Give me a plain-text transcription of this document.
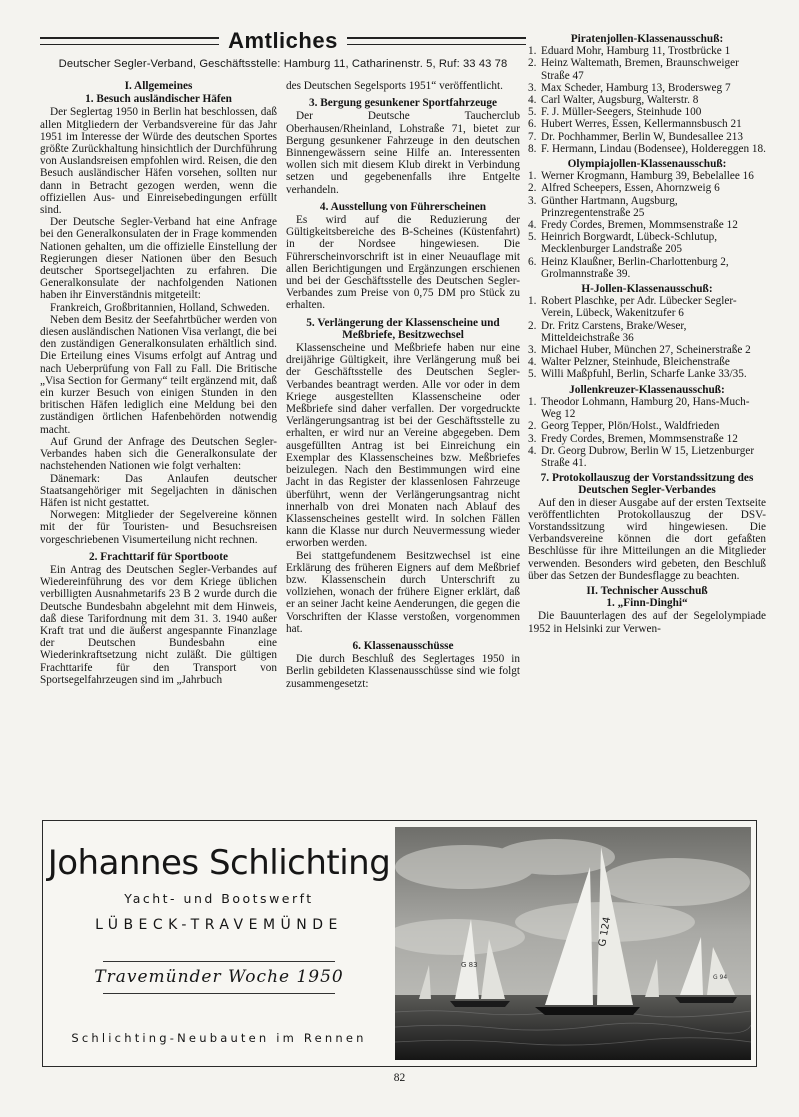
Amtliches
Deutscher Segler-Verband, Geschäftsstelle: Hamburg 11, Catharinenstr. 5, Ruf: 33 43 78
I. Allgemeines
1. Besuch ausländischer Häfen

Der Seglertag 1950 in Berlin hat beschlossen, daß allen Mitgliedern der Verbandsvereine für das Jahr 1951 im Interesse der Würde des deutschen Sportes größte Zurückhaltung hinsichtlich der Durchführung von Auslandsreisen empfohlen wird. Reisen, die den Besuch ausländischer Häfen vorsehen, sollten nur dann in Betracht gezogen werden, wenn die offiziellen Aus- und Einreisebedingungen erfüllt sind.

Der Deutsche Segler-Verband hat eine Anfrage bei den Generalkonsulaten der in Frage kommenden Nationen gehalten, um die offizielle Einstellung der Regierungen dieser Nationen über den Besuch deutscher Sportsegeljachten zu erfahren. Die Generalkonsulate der nachfolgenden Nationen haben ihr Einverständnis mitgeteilt:

Frankreich, Großbritannien, Holland, Schweden.

Neben dem Besitz der Seefahrtbücher werden von diesen ausländischen Nationen Visa verlangt, die bei den zuständigen Generalkonsulaten erhältlich sind. Die Erteilung eines Visums erfolgt auf Antrag und nach Ueberprüfung von Fall zu Fall. Die Britische „Visa Section for Germany“ teilt ergänzend mit, daß ein kurzer Besuch von einigen Stunden in den britischen Häfen lediglich eine Meldung bei den zuständigen örtlichen Hafenbehörden notwendig macht.

Auf Grund der Anfrage des Deutschen Segler-Verbandes haben sich die Generalkonsulate der nachstehenden Nationen wie folgt verhalten:

Dänemark: Das Anlaufen deutscher Staatsangehöriger mit Segeljachten in dänischen Häfen ist nicht gestattet.

Norwegen: Mitglieder der Segelvereine können mit der für Touristen- und Besuchsreisen vorgeschriebenen Visumerteilung nicht rechnen.

2. Frachttarif für Sportboote

Ein Antrag des Deutschen Segler-Verbandes auf Wiedereinführung des vor dem Kriege üblichen verbilligten Ausnahmetarifs 23 B 2 wurde durch die Deutsche Bundesbahn abgelehnt mit dem Hinweis, daß diese Tarifordnung mit dem 31. 3. 1940 außer Kraft trat und die äußerst angespannte Finanzlage der Deutschen Bundesbahn eine Wiederinkraftsetzung nicht zuläßt. Die gültigen Frachttarife für den Transport von Sportsegelfahrzeugen sind im „Jahrbuch

des Deutschen Segelsports 1951“ veröffentlicht.

3. Bergung gesunkener Sportfahrzeuge

Der Deutsche Taucherclub Oberhausen/Rheinland, Lohstraße 71, bietet zur Bergung gesunkener Fahrzeuge in den deutschen Binnengewässern seine Hilfe an. Interessenten wollen sich mit diesem Klub direkt in Verbindung setzen und gegebenenfalls ihre Entgelte verhandeln.

4. Ausstellung von Führerscheinen

Es wird auf die Reduzierung der Gültigkeitsbereiche des B-Scheines (Küstenfahrt) in der Nordsee hingewiesen. Die Führerscheinvorschrift ist in einer Neuauflage mit allen Berichtigungen und Ergänzungen erschienen und bei der Geschäftsstelle des Deutschen Segler-Verbandes zum Preise von 0,75 DM pro Stück zu erhalten.

5. Verlängerung der Klassenscheine und Meßbriefe, Besitzwechsel

Klassenscheine und Meßbriefe haben nur eine dreijährige Gültigkeit, ihre Verlängerung muß bei der Geschäftsstelle des Deutschen Segler-Verbandes beantragt werden. Alle vor oder in dem Kriege ausgestellten Klassenscheine oder Meßbriefe sind daher verfallen. Der vorgedruckte Verlängerungsantrag ist bei der Geschäftsstelle zu erhalten, er wird nur an Vereine abgegeben. Dem ausgefüllten Antrag ist bei Einreichung ein Exemplar des Klassenscheines bzw. Meßbriefes beizulegen. Nach den Bestimmungen wird eine Jacht in das Register der klassenlosen Fahrzeuge überführt, wenn der Verlängerungsantrag nicht innerhalb von drei Monaten nach Ablauf des Klassenscheines gestellt wird. In solchen Fällen kann die Klasse nur durch Neuvermessung wieder erworben werden.

Bei stattgefundenem Besitzwechsel ist eine Erklärung des früheren Eigners auf dem Meßbrief bzw. Klassenschein durch Unterschrift zu vollziehen, wonach der frühere Eigner erklärt, daß er an seiner Jacht keine Aenderungen, die gegen die Vorschriften der Klasse verstoßen, vorgenommen hat.

6. Klassenausschüsse

Die durch Beschluß des Seglertages 1950 in Berlin gebildeten Klassenausschüsse sind wie folgt zusammengesetzt:

Piratenjollen-Klassenausschuß:
1. Eduard Mohr, Hamburg 11, Trostbrücke 1
2. Heinz Waltemath, Bremen, Braunschweiger Straße 47
3. Max Scheder, Hamburg 13, Brodersweg 7
4. Carl Walter, Augsburg, Walterstr. 8
5. F. J. Müller-Seegers, Steinhude 100
6. Hubert Werres, Essen, Kellermannsbusch 21
7. Dr. Pochhammer, Berlin W, Bundesallee 213
8. F. Hermann, Lindau (Bodensee), Holdereggen 18.
Olympiajollen-Klassenausschuß:
1. Werner Krogmann, Hamburg 39, Bebelallee 16
2. Alfred Scheepers, Essen, Ahornzweig 6
3. Günther Hartmann, Augsburg, Prinzregentenstraße 25
4. Fredy Cordes, Bremen, Mommsenstraße 12
5. Heinrich Borgwardt, Lübeck-Schlutup, Mecklenburger Landstraße 205
6. Heinz Klaußner, Berlin-Charlottenburg 2, Grolmannstraße 39.
H-Jollen-Klassenausschuß:
1. Robert Plaschke, per Adr. Lübecker Segler-Verein, Lübeck, Wakenitzufer 6
2. Dr. Fritz Carstens, Brake/Weser, Mitteldeichstraße 36
3. Michael Huber, München 27, Scheinerstraße 2
4. Walter Pelzner, Steinhude, Bleichenstraße
5. Willi Maßpfuhl, Berlin, Scharfe Lanke 33/35.
Jollenkreuzer-Klassenausschuß:
1. Theodor Lohmann, Hamburg 20, Hans-Much-Weg 12
2. Georg Tepper, Plön/Holst., Waldfrieden
3. Fredy Cordes, Bremen, Mommsenstraße 12
4. Dr. Georg Dubrow, Berlin W 15, Lietzenburger Straße 41.
7. Protokollauszug der Vorstandssitzung des Deutschen Segler-Verbandes

Auf den in dieser Ausgabe auf der ersten Textseite veröffentlichten Protokollauszug der DSV-Vorstandssitzung wird hingewiesen. Die Verbandsvereine können die dort gefaßten Beschlüsse für ihre Mitteilungen an die Mitglieder verwenden. Besonders wird gebeten, den Beschluß über das Setzen der Bundesflagge zu beachten.

II. Technischer Ausschuß
1. „Finn-Dinghi“

Die Bauunterlagen des auf der Segelolympiade 1952 in Helsinki zur Verwen-

Johannes Schlichting
Yacht- und Bootswerft
LÜBECK-TRAVEMÜNDE
Travemünder Woche 1950
Schlichting-Neubauten im Rennen
G 83
G 124
G 94
82
